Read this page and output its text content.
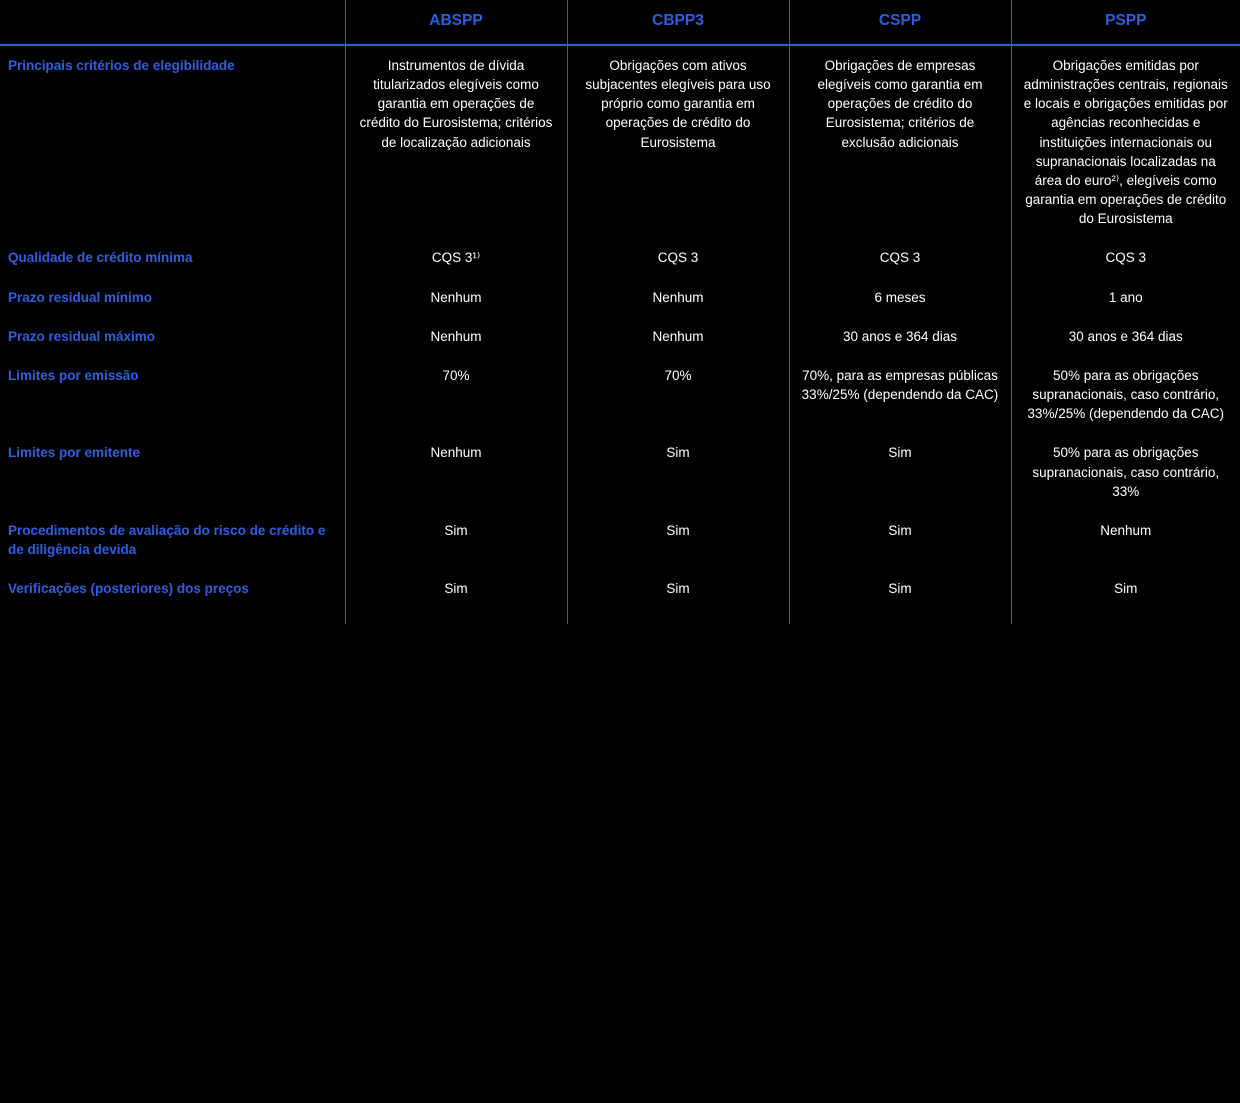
	ABSPP	CBPP3	CSPP	PSPP
Principais critérios de elegibilidade	Instrumentos de dívida titularizados elegíveis como garantia em operações de crédito do Eurosistema; critérios de localização adicionais	Obrigações com ativos subjacentes elegíveis para uso próprio como garantia em operações de crédito do Eurosistema	Obrigações de empresas elegíveis como garantia em operações de crédito do Eurosistema; critérios de exclusão adicionais	Obrigações emitidas por administrações centrais, regionais e locais e obrigações emitidas por agências reconhecidas e instituições internacionais ou supranacionais localizadas na área do euro²⁾, elegíveis como garantia em operações de crédito do Eurosistema
Qualidade de crédito mínima	CQS 3¹⁾	CQS 3	CQS 3	CQS 3
Prazo residual mínimo	Nenhum	Nenhum	6 meses	1 ano
Prazo residual máximo	Nenhum	Nenhum	30 anos e 364 dias	30 anos e 364 dias
Limites por emissão	70%	70%	70%, para as empresas públicas 33%/25% (dependendo da CAC)	50% para as obrigações supranacionais, caso contrário, 33%/25% (dependendo da CAC)
Limites por emitente	Nenhum	Sim	Sim	50% para as obrigações supranacionais, caso contrário, 33%
Procedimentos de avaliação do risco de crédito e de diligência devida	Sim	Sim	Sim	Nenhum
Verificações (posteriores) dos preços	Sim	Sim	Sim	Sim
